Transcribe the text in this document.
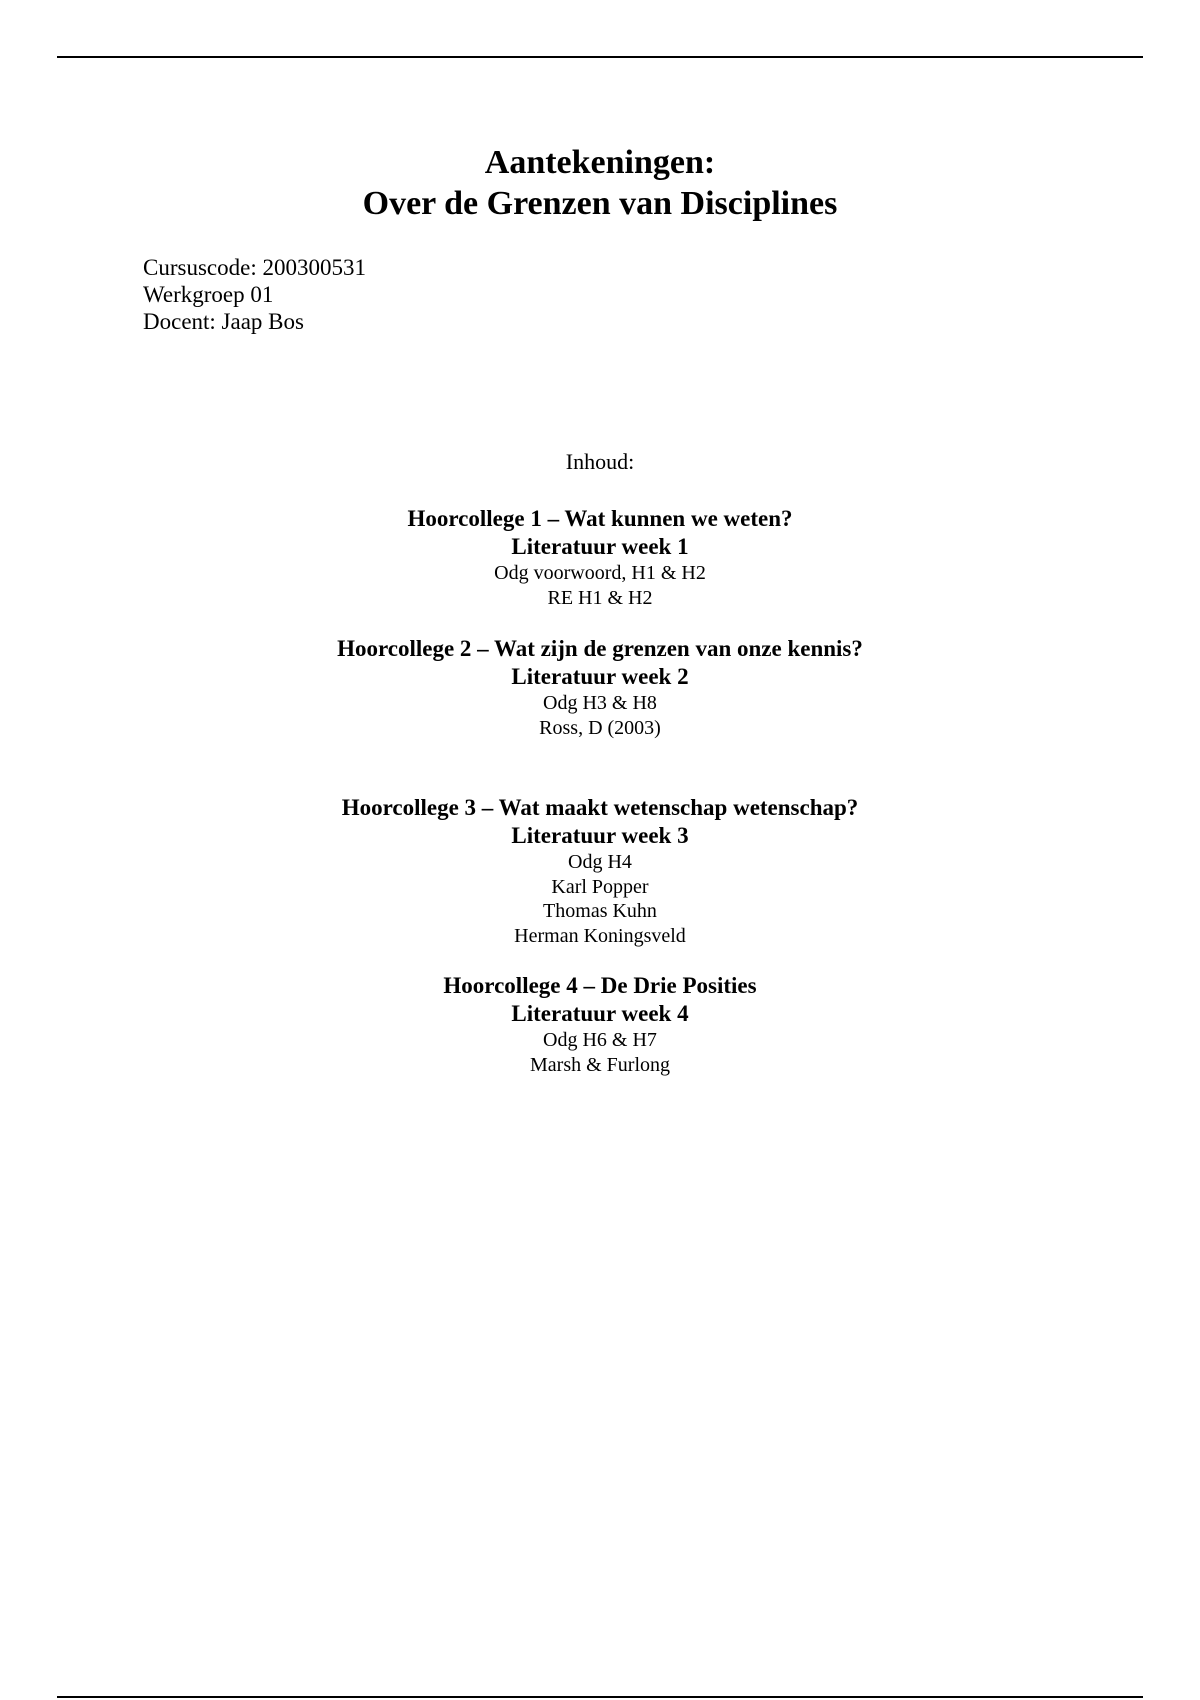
Aantekeningen:
Over de Grenzen van Disciplines
Cursuscode: 200300531
Werkgroep 01
Docent: Jaap Bos
Inhoud:
Hoorcollege 1 – Wat kunnen we weten?
Literatuur week 1
Odg voorwoord, H1 & H2
RE H1 & H2
Hoorcollege 2 – Wat zijn de grenzen van onze kennis?
Literatuur week 2
Odg H3 & H8
Ross, D (2003)
Hoorcollege 3 – Wat maakt wetenschap wetenschap?
Literatuur week 3
Odg H4
Karl Popper
Thomas Kuhn
Herman Koningsveld
Hoorcollege 4 – De Drie Posities
Literatuur week 4
Odg H6 & H7
Marsh & Furlong
